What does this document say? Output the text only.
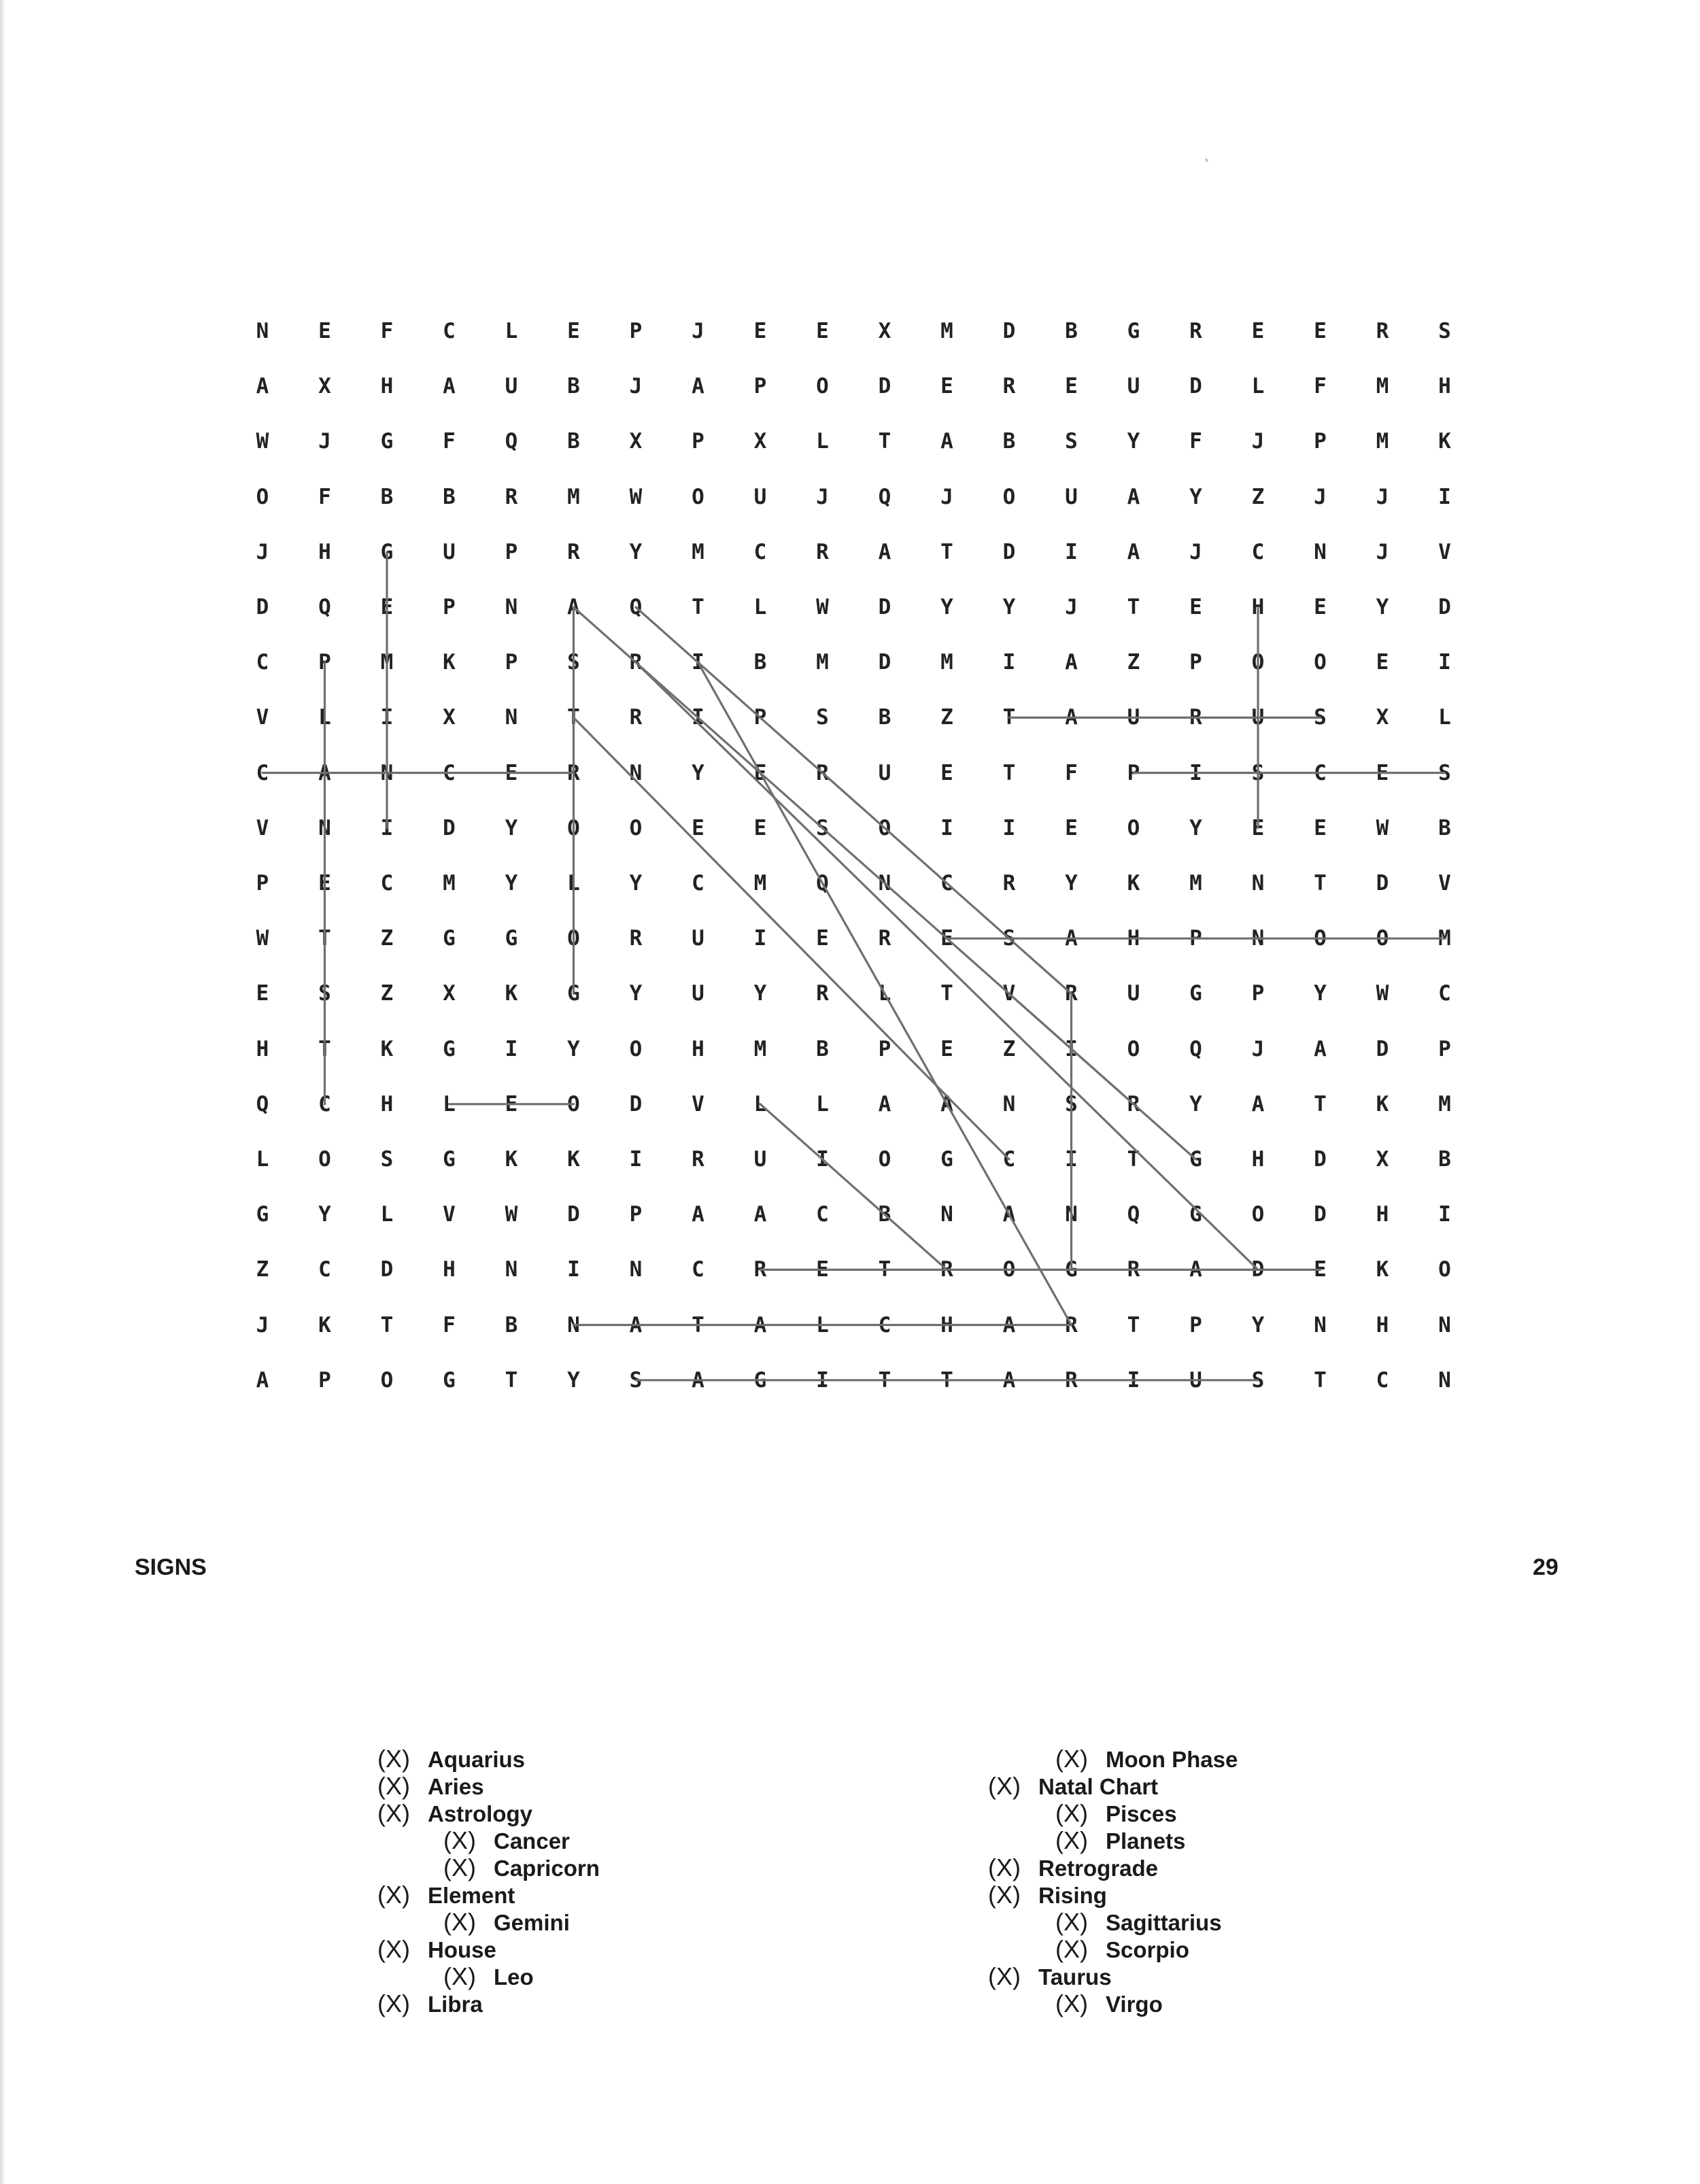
N	E	F	C	L	E	P	J	E	E	X	M	D	B	G	R	E	E	R	S
A	X	H	A	U	B	J	A	P	O	D	E	R	E	U	D	L	F	M	H
W	J	G	F	Q	B	X	P	X	L	T	A	B	S	Y	F	J	P	M	K
O	F	B	B	R	M	W	O	U	J	Q	J	O	U	A	Y	Z	J	J	I
J	H	G	U	P	R	Y	M	C	R	A	T	D	I	A	J	C	N	J	V
D	Q	E	P	N	A	Q	T	L	W	D	Y	Y	J	T	E	H	E	Y	D
C	P	M	K	P	S	R	I	B	M	D	M	I	A	Z	P	O	O	E	I
V	L	I	X	N	T	R	I	P	S	B	Z	T	A	U	R	U	S	X	L
C	A	N	C	E	R	N	Y	E	R	U	E	T	F	P	I	S	C	E	S
V	N	I	D	Y	O	O	E	E	S	O	I	I	E	O	Y	E	E	W	B
P	E	C	M	Y	L	Y	C	M	Q	N	C	R	Y	K	M	N	T	D	V
W	T	Z	G	G	O	R	U	I	E	R	E	S	A	H	P	N	O	O	M
E	S	Z	X	K	G	Y	U	Y	R	L	T	V	R	U	G	P	Y	W	C
H	T	K	G	I	Y	O	H	M	B	P	E	Z	I	O	Q	J	A	D	P
Q	C	H	L	E	O	D	V	L	L	A	A	N	S	R	Y	A	T	K	M
L	O	S	G	K	K	I	R	U	I	O	G	C	I	T	G	H	D	X	B
G	Y	L	V	W	D	P	A	A	C	B	N	A	N	Q	G	O	D	H	I
Z	C	D	H	N	I	N	C	R	E	T	R	O	G	R	A	D	E	K	O
J	K	T	F	B	N	A	T	A	L	C	H	A	R	T	P	Y	N	H	N
A	P	O	G	T	Y	S	A	G	I	T	T	A	R	I	U	S	T	C	N
SIGNS	29
(X) Aquarius
(X) Aries
(X) Astrology
(X) Cancer
(X) Capricorn
(X) Element
(X) Gemini
(X) House
(X) Leo
(X) Libra
(X) Moon Phase
(X) Natal Chart
(X) Pisces
(X) Planets
(X) Retrograde
(X) Rising
(X) Sagittarius
(X) Scorpio
(X) Taurus
(X) Virgo
